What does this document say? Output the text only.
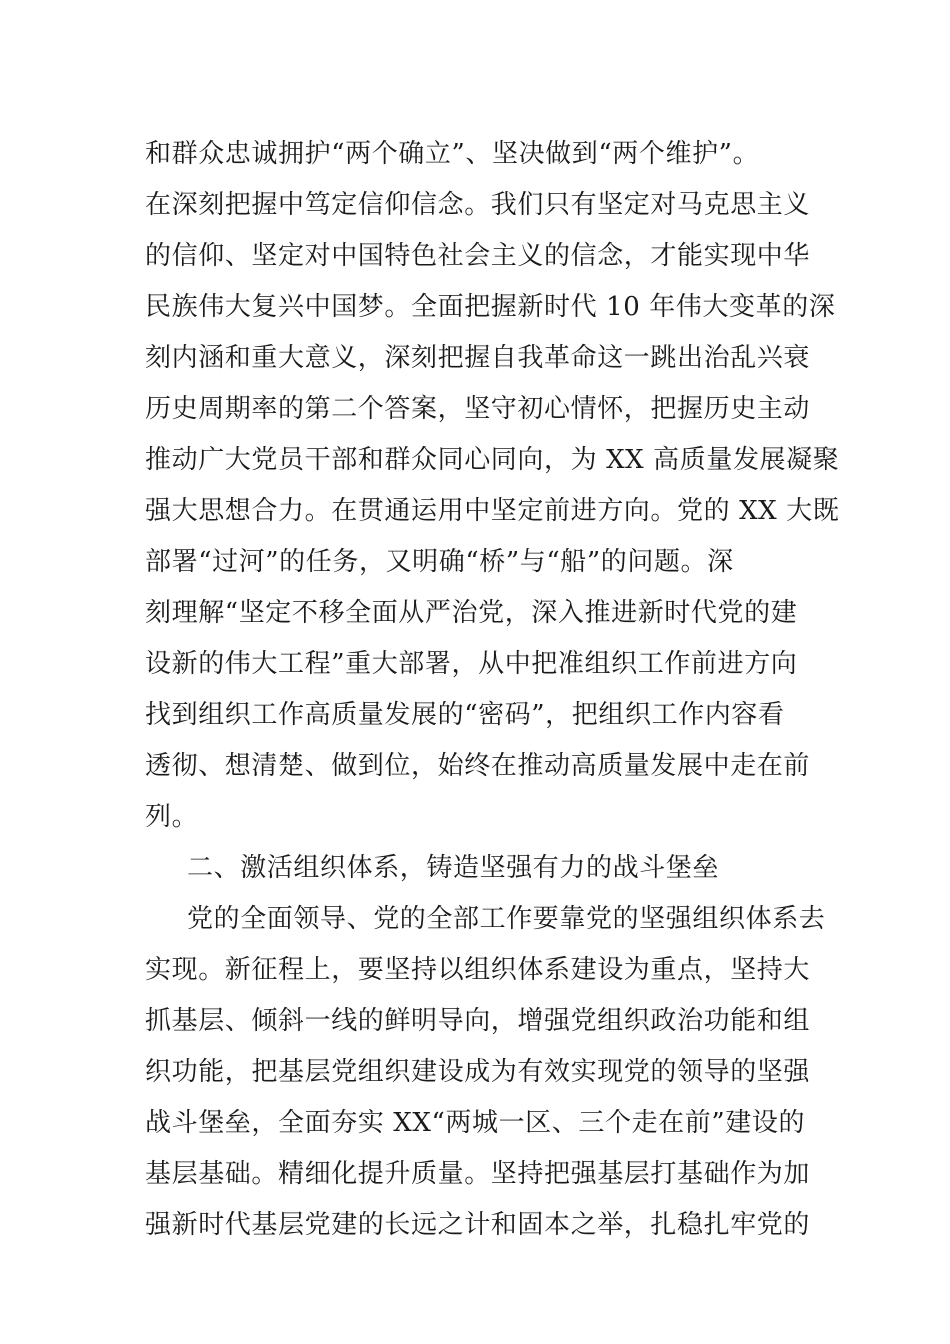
和群众忠诚拥护“两个确立”、坚决做到“两个维护”。
在深刻把握中笃定信仰信念。我们只有坚定对马克思主义
的信仰、坚定对中国特色社会主义的信念，才能实现中华
民族伟大复兴中国梦。全面把握新时代 10 年伟大变革的深
刻内涵和重大意义，深刻把握自我革命这一跳出治乱兴衰
历史周期率的第二个答案，坚守初心情怀，把握历史主动
推动广大党员干部和群众同心同向，为 XX 高质量发展凝聚
强大思想合力。在贯通运用中坚定前进方向。党的 XX 大既
部署“过河”的任务，又明确“桥”与“船”的问题。深
刻理解“坚定不移全面从严治党，深入推进新时代党的建
设新的伟大工程”重大部署，从中把准组织工作前进方向
找到组织工作高质量发展的“密码”，把组织工作内容看
透彻、想清楚、做到位，始终在推动高质量发展中走在前
列。
二、激活组织体系，铸造坚强有力的战斗堡垒
党的全面领导、党的全部工作要靠党的坚强组织体系去
实现。新征程上，要坚持以组织体系建设为重点，坚持大
抓基层、倾斜一线的鲜明导向，增强党组织政治功能和组
织功能，把基层党组织建设成为有效实现党的领导的坚强
战斗堡垒，全面夯实 XX“两城一区、三个走在前”建设的
基层基础。精细化提升质量。坚持把强基层打基础作为加
强新时代基层党建的长远之计和固本之举，扎稳扎牢党的
